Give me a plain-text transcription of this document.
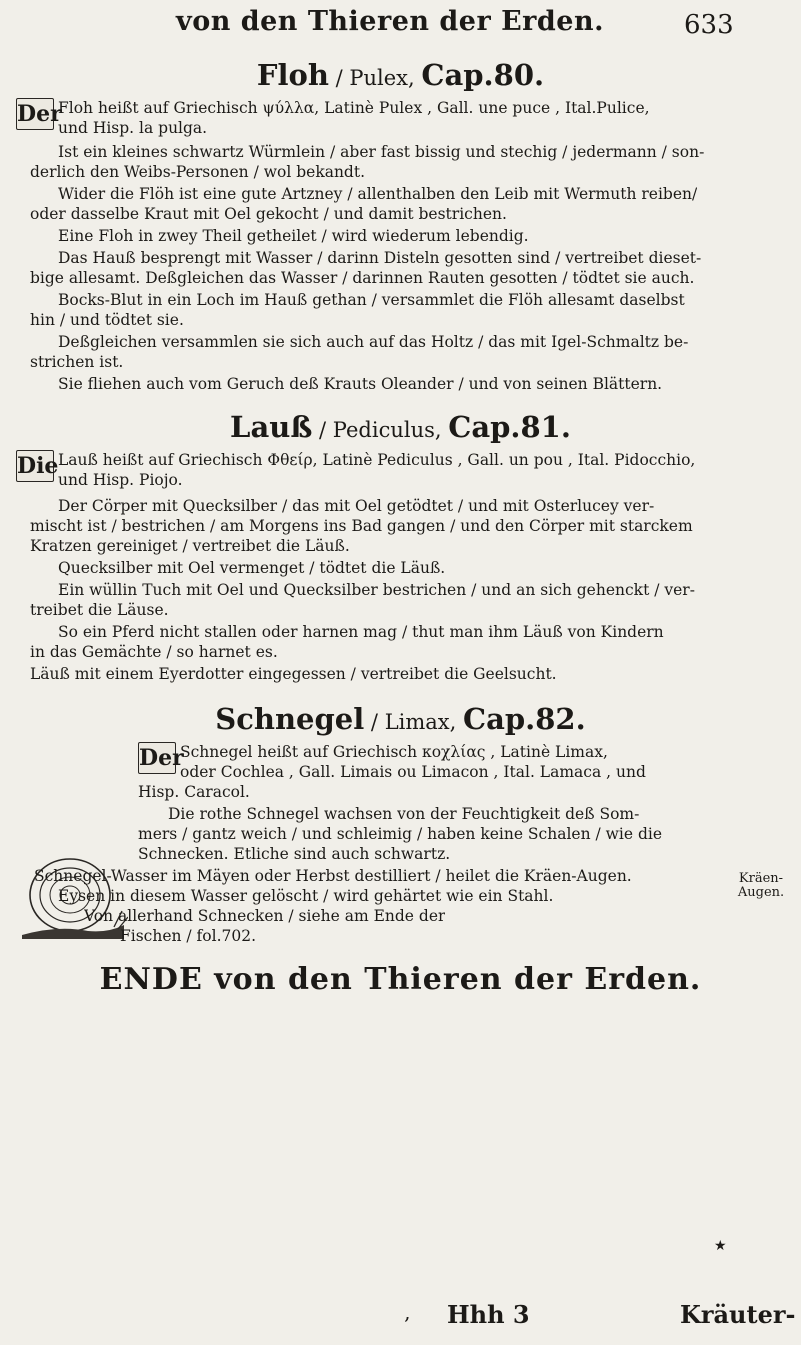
von den Thieren der Erden.	633
Floh / Pulex, Cap.80.
Der
Floh heißt auf Griechisch ψύλλα, Latinè Pulex , Gall. une puce , Ital.Pulice,
und Hisp. la pulga.
Ist ein kleines schwartz Würmlein / aber fast bissig und stechig / jedermann / son-
derlich den Weibs-Personen / wol bekandt.
Wider die Flöh ist eine gute Artzney / allenthalben den Leib mit Wermuth reiben/
oder dasselbe Kraut mit Oel gekocht / und damit bestrichen.
Eine Floh in zwey Theil getheilet / wird wiederum lebendig.
Das Hauß besprengt mit Wasser / darinn Disteln gesotten sind / vertreibet dieset-
bige allesamt. Deßgleichen das Wasser / darinnen Rauten gesotten / tödtet sie auch.
Bocks-Blut in ein Loch im Hauß gethan / versammlet die Flöh allesamt daselbst
hin / und tödtet sie.
Deßgleichen versammlen sie sich auch auf das Holtz / das mit Igel-Schmaltz be-
strichen ist.
Sie fliehen auch vom Geruch deß Krauts Oleander / und von seinen Blättern.
Lauß / Pediculus, Cap.81.
Die Lauß heißt auf Griechisch Φθείρ, Latinè Pediculus , Gall. un pou , Ital. Pidocchio,
und Hisp. Piojo.
Der Cörper mit Quecksilber / das mit Oel getödtet / und mit Osterlucey ver-
mischt ist / bestrichen / am Morgens ins Bad gangen / und den Cörper mit starckem
Kratzen gereiniget / vertreibet die Läuß.
Quecksilber mit Oel vermenget / tödtet die Läuß.
Ein wüllin Tuch mit Oel und Quecksilber bestrichen / und an sich gehenckt / ver-
treibet die Läuse.
So ein Pferd nicht stallen oder harnen mag / thut man ihm Läuß von Kindern
in das Gemächte / so harnet es.
Läuß mit einem Eyerdotter eingegessen / vertreibet die Geelsucht.
Schnegel / Limax, Cap.82.
Der
Schnegel heißt auf Griechisch κοχλίας , Latinè Limax,
oder Cochlea , Gall. Limais ou Limacon , Ital. Lamaca , und
Hisp. Caracol.
Die rothe Schnegel wachsen von der Feuchtigkeit deß Som-
mers / gantz weich / und schleimig / haben keine Schalen / wie die
Schnecken. Etliche sind auch schwartz.
Schnegel-Wasser im Mäyen oder Herbst destilliert / heilet die Kräen-Augen.
Eysen in diesem Wasser gelöscht / wird gehärtet wie ein Stahl.
Von allerhand Schnecken / siehe am Ende der
Fischen / fol.702.
Kräen-
Augen.
ENDE von den Thieren der Erden.
★
‚ Hhh 3	Kräuter-
